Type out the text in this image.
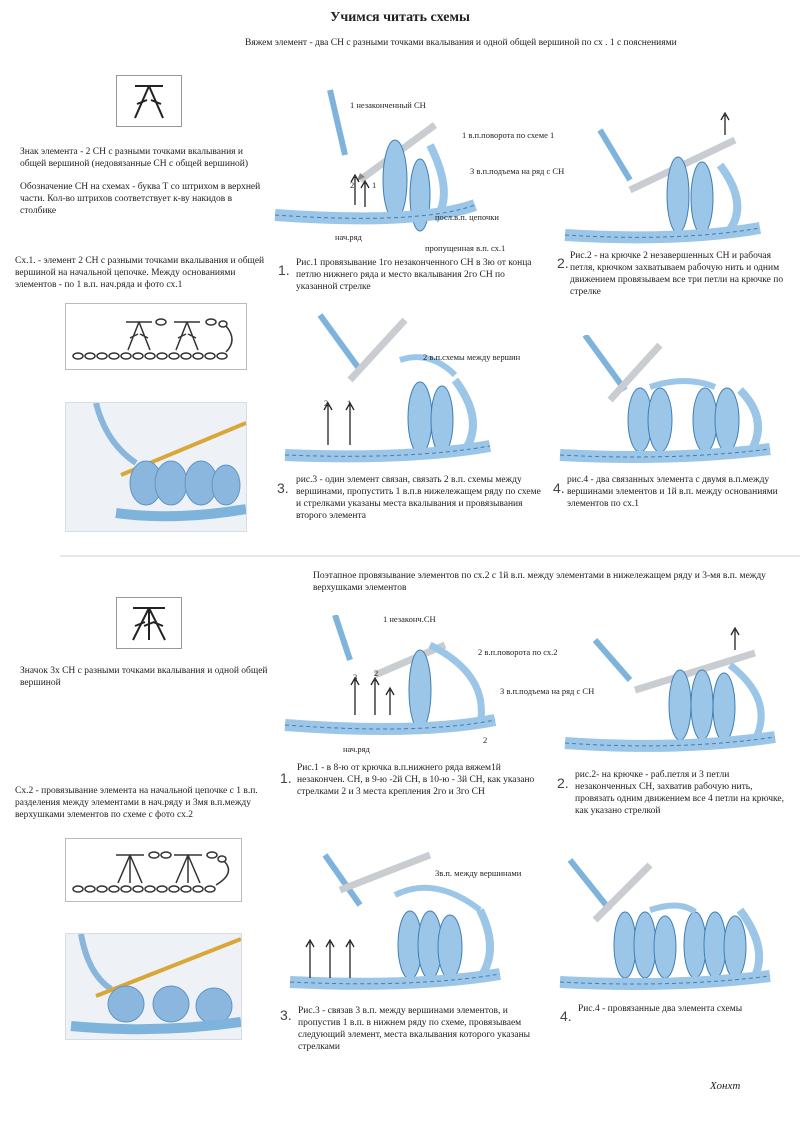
Учимся читать схемы
Вяжем элемент - два СН с разными точками вкалывания и одной общей вершиной по сх . 1 с пояснениями
Знак элемента - 2 СН с разными точками вкалывания и общей вершиной (недовязанные СН с общей вершиной)
Обозначение СН на схемах - буква Т со штрихом в верхней части. Кол-во штрихов соответствует к-ву накидов в столбике
Сх.1. - элемент 2 СН с разными точками вкалывания и общей вершиной на начальной цепочке. Между основаниями элементов - по 1 в.п. нач.ряда и фото сх.1
1 незаконченный СН
1 в.п.поворота по схеме 1
3 в.п.подъема на ряд с СН
посл.в.п. цепочки
нач.ряд
пропущенная в.п. сх.1
2 1
1. Рис.1 провязывание 1го незаконченного СН в 3ю от конца петлю нижнего ряда и место вкалывания 2го СН по указанной стрелке
2. Рис.2 - на крючке 2 незавершенных СН и рабочая петля, крючком захватываем рабочую нить и одним движением провязываем все три петли на крючке по стрелке
2 в.п.схемы между вершин
2 1
3. рис.3 - один элемент связан, связать 2 в.п. схемы между вершинами, пропустить 1 в.п.в нижележащем ряду по схеме и стрелками указаны места вкалывания и провязывания второго элемента
4. рис.4 - два связанных элемента с двумя в.п.между вершинами элементов и 1й в.п. между основаниями элементов по сх.1
Поэтапное провязывание элементов по сх.2 с 1й в.п. между элементами в нижележащем ряду и 3-мя в.п. между верхушками элементов
Значок 3х СН с разными точками вкалывания и одной общей вершиной
Сх.2 - провязывание элемента на начальной цепочке с 1 в.п. разделения между элементами в нач.ряду и 3мя в.п.между верхушками элементов по схеме с фото сх.2
1 незаконч.СН
2 в.п.поворота по сх.2
3 в.п.подъема на ряд с СН
нач.ряд
2
3 2
1.
Рис.1 - в 8-ю от крючка в.п.нижнего ряда вяжем1й незакончен. СН, в 9-ю -2й СН, в 10-ю - 3й СН, как указано стрелками 2 и 3 места крепления 2го и 3го СН
2. рис.2- на крючке - раб.петля и 3 петли незаконченных СН, захватив рабочую нить, провязать одним движением все 4 петли на крючке, как указано стрелкой
3в.п. между вершинами
3. Рис.3 - связав 3 в.п. между вершинами элементов, и пропустив 1 в.п. в нижнем ряду по схеме, провязываем следующий элемент, места вкалывания которого указаны стрелками
4. Рис.4 - провязанные два элемента схемы
Хонхт
